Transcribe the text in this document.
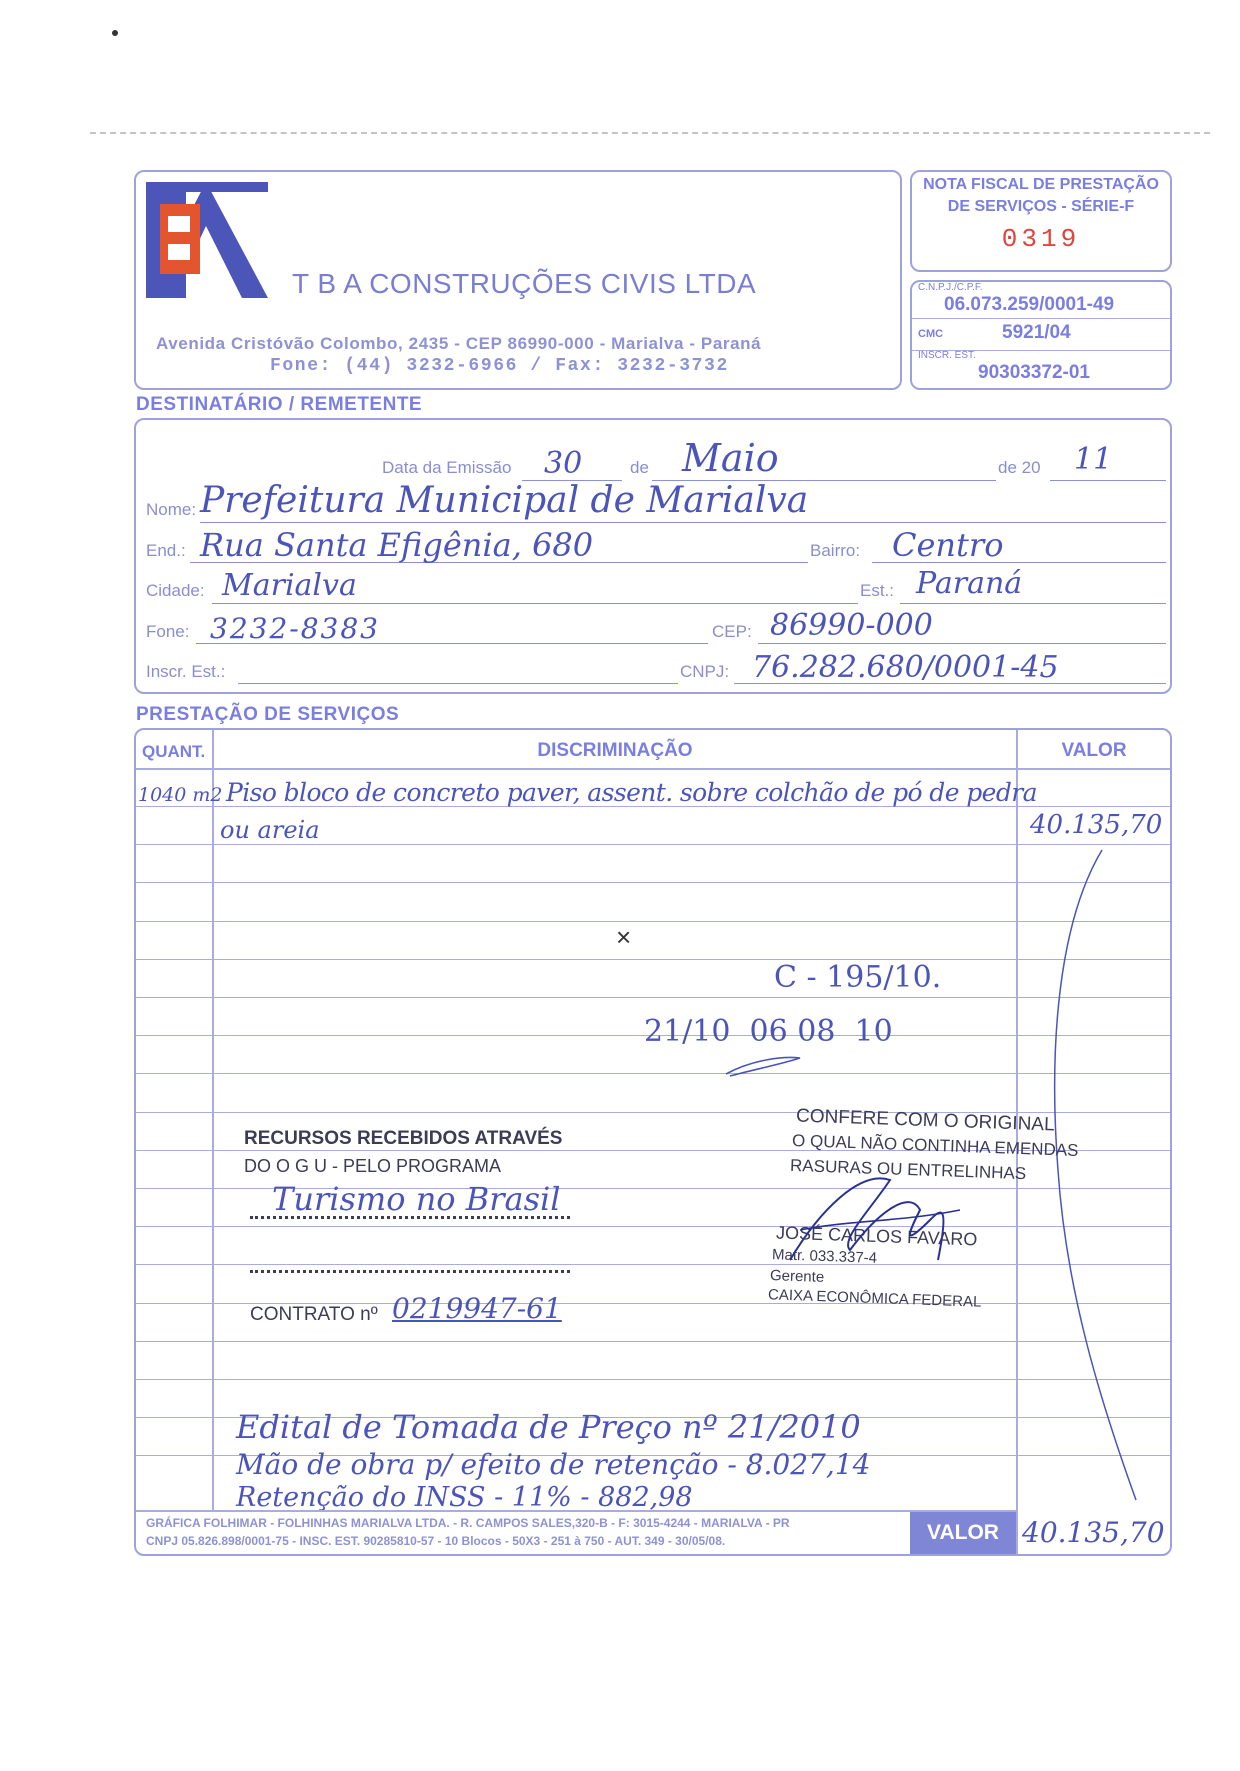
T B A CONSTRUÇÕES CIVIS LTDA
Avenida Cristóvão Colombo, 2435 - CEP 86990-000 - Marialva - Paraná
Fone: (44) 3232-6966 / Fax: 3232-3732
NOTA FISCAL DE PRESTAÇÃO
DE SERVIÇOS - SÉRIE-F
0319
C.N.P.J./C.P.F.
06.073.259/0001-49
CMC	5921/04
INSCR. EST.
90303372-01
DESTINATÁRIO / REMETENTE
Data da Emissão 30	de Maio	de 20 11
Nome: Prefeitura Municipal de Marialva
End.: Rua Santa Efigênia, 680	Bairro: Centro
Cidade: Marialva	Est.: Paraná
Fone: 3232-8383	CEP: 86990-000
Inscr. Est.:	CNPJ: 76.282.680/0001-45
PRESTAÇÃO DE SERVIÇOS
QUANT.	DISCRIMINAÇÃO	VALOR
1040 m2 Piso bloco de concreto paver, assent. sobre colchão de pó de pedra
ou areia	40.135,70
×
C - 195/10.
21/10  06 08  10
RECURSOS RECEBIDOS ATRAVÉS
DO O G U - PELO PROGRAMA
Turismo no Brasil
CONTRATO nº 0219947-61
CONFERE COM O ORIGINAL
O QUAL NÃO CONTINHA EMENDAS
RASURAS OU ENTRELINHAS
JOSÉ CARLOS FAVARO
Matr. 033.337-4
Gerente
CAIXA ECONÔMICA FEDERAL
Edital de Tomada de Preço nº 21/2010
Mão de obra p/ efeito de retenção - 8.027,14
Retenção do INSS - 11% - 882,98
GRÁFICA FOLHIMAR - FOLHINHAS MARIALVA LTDA. - R. CAMPOS SALES,320-B - F: 3015-4244 - MARIALVA - PR
CNPJ 05.826.898/0001-75 - INSC. EST. 90285810-57 - 10 Blocos - 50X3 - 251 à 750 - AUT. 349 - 30/05/08.	VALOR 40.135,70
